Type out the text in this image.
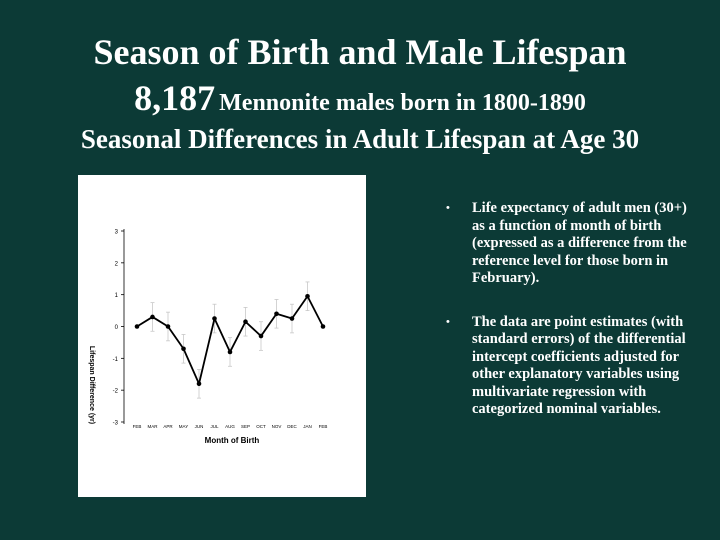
Season of Birth and Male Lifespan
8,187 Mennonite males born in 1800-1890
Seasonal Differences in Adult Lifespan at Age 30
3
2
1
0
-1
-2
-3	FEB MAR APR MAY JUN JUL AUG SEP OCT NOV DEC JAN FEB
Month of Birth
Lifespan Difference (yr)
• Life expectancy of adult men (30+) as a function of month of birth (expressed as a difference from the reference level for those born in February).
• The data are point estimates (with standard errors) of the differential intercept coefficients adjusted for other explanatory variables using multivariate regression with categorized nominal variables.
